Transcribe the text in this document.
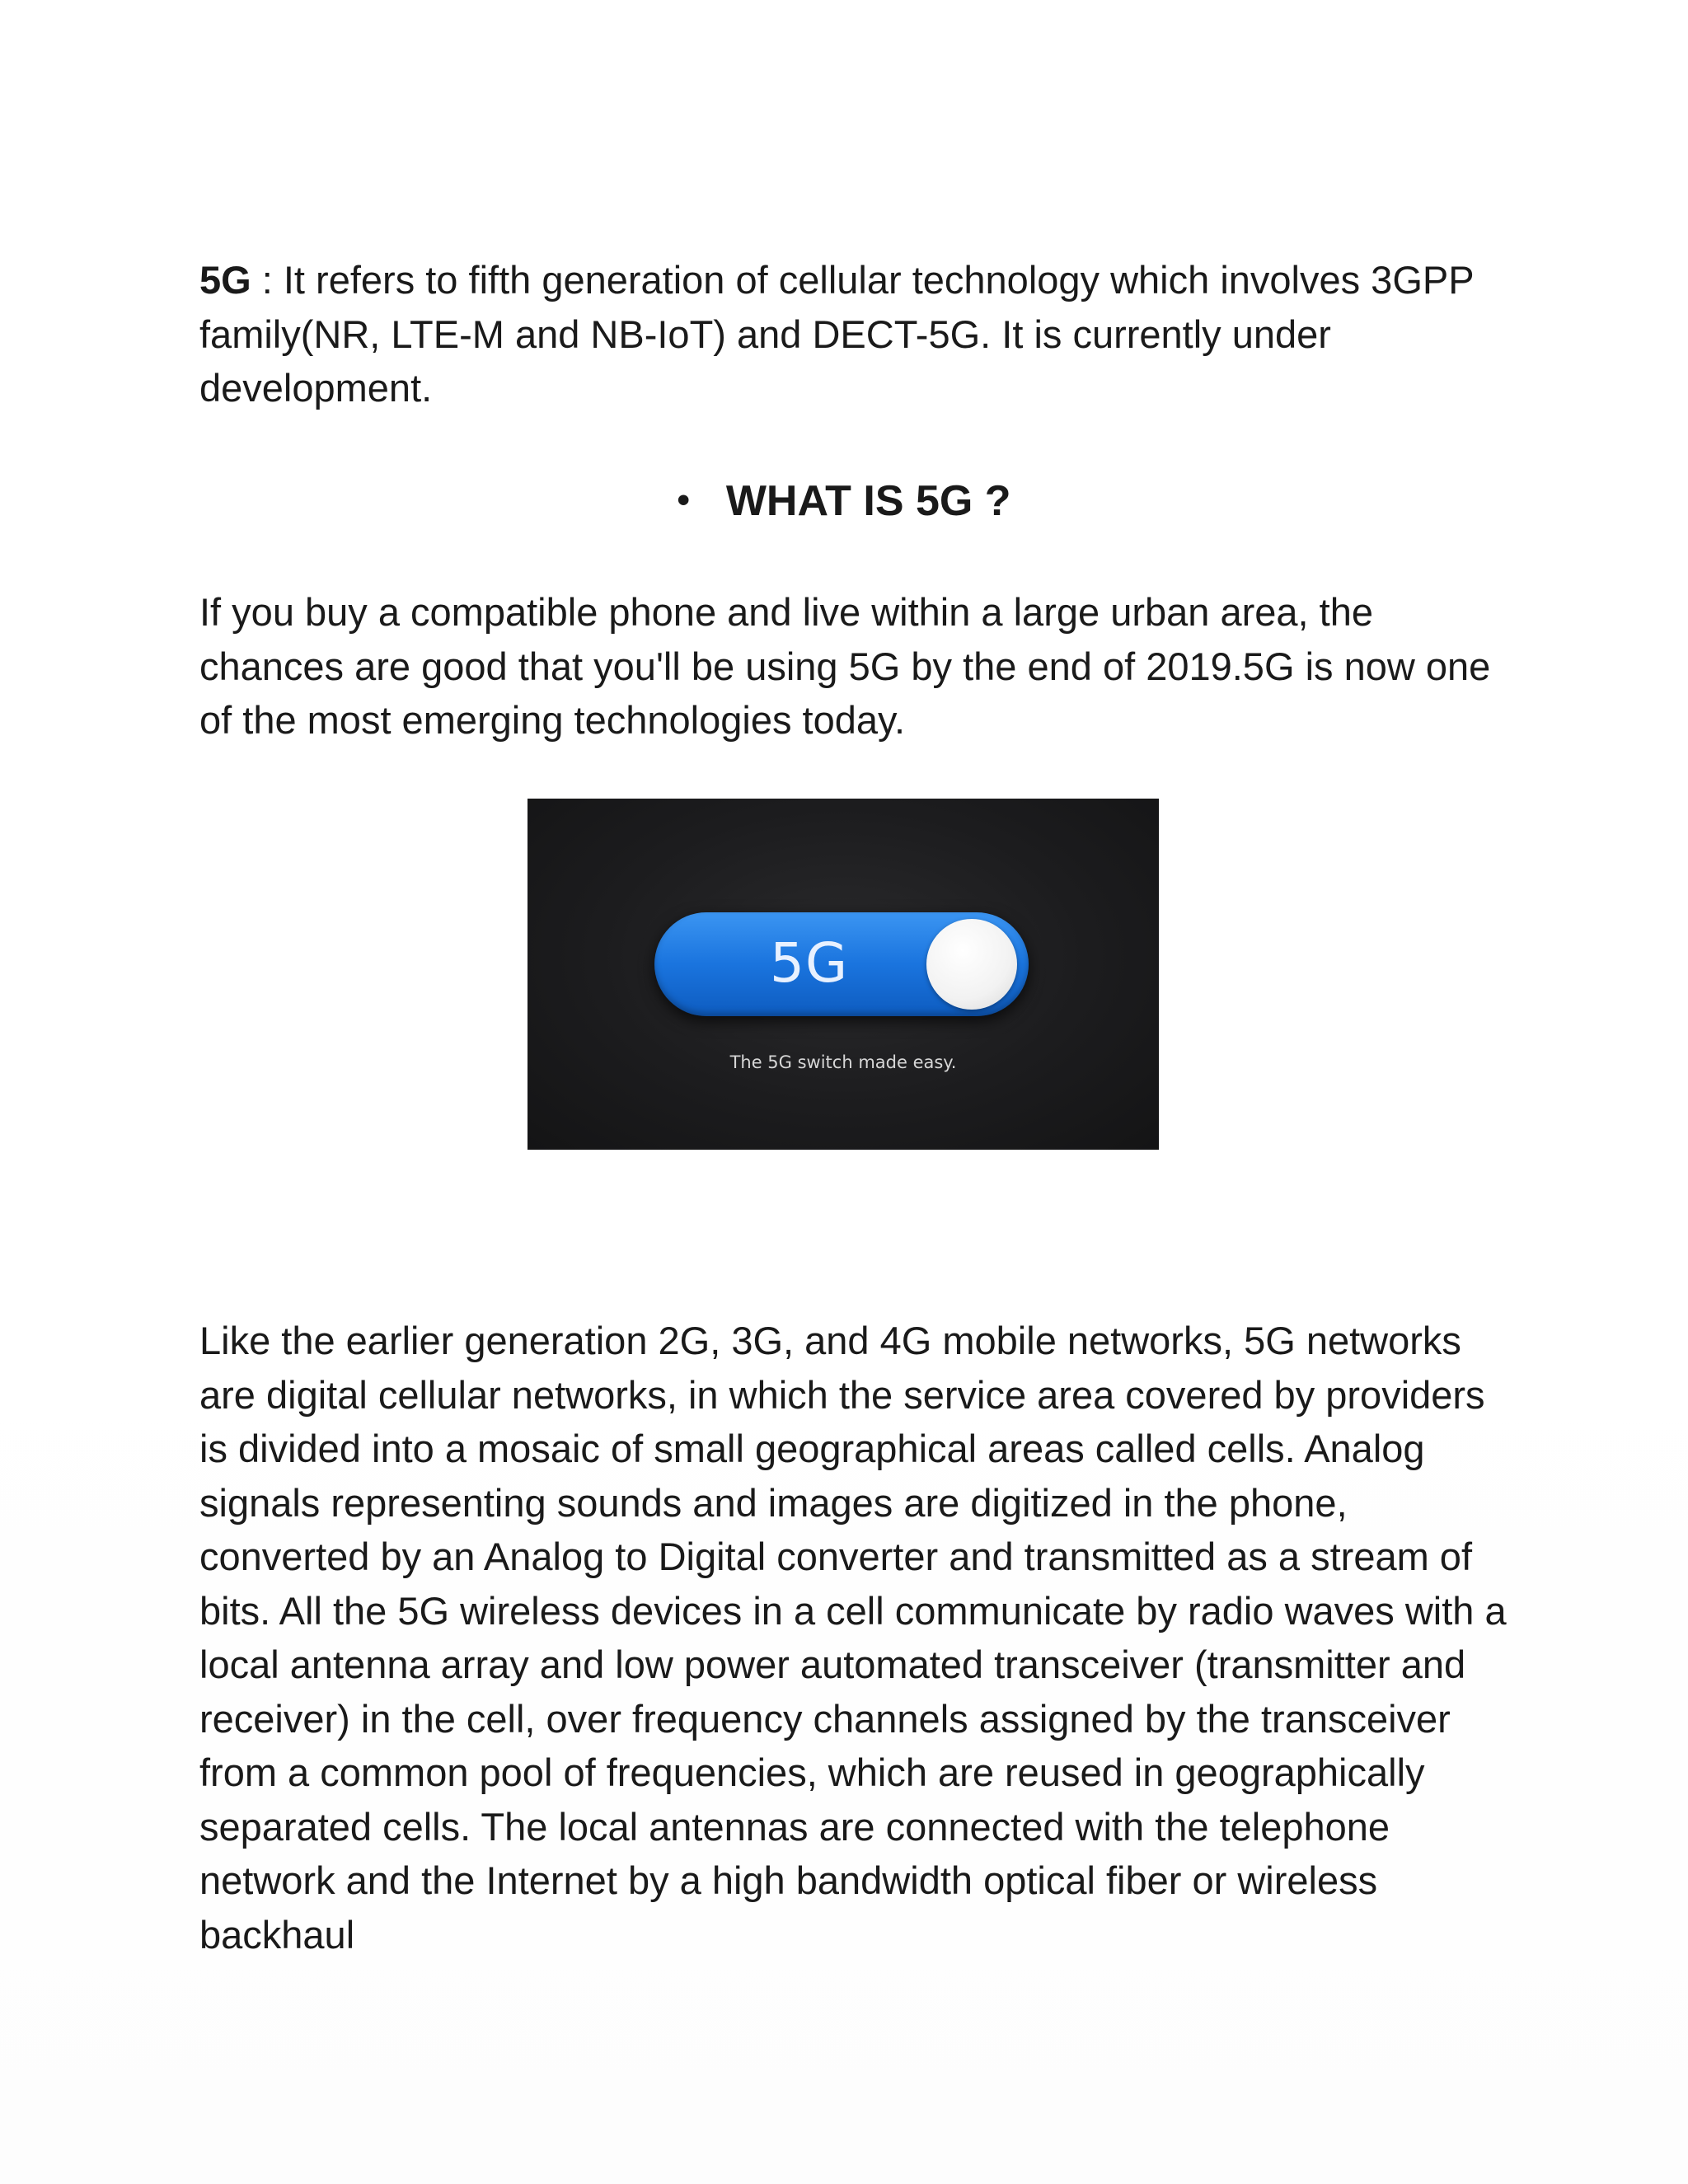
5G : It refers to fifth generation of cellular technology which involves 3GPP family(NR, LTE-M and NB-IoT) and DECT-5G. It is currently under development.

• WHAT IS 5G ?

If you buy a compatible phone and live within a large urban area, the chances are good that you'll be using 5G by the end of 2019.5G is now one of the most emerging technologies today.

5G
The 5G switch made easy.

Like the earlier generation 2G, 3G, and 4G mobile networks, 5G networks are digital cellular networks, in which the service area covered by providers is divided into a mosaic of small geographical areas called cells. Analog signals representing sounds and images are digitized in the phone, converted by an Analog to Digital converter and transmitted as a stream of bits. All the 5G wireless devices in a cell communicate by radio waves with a local antenna array and low power automated transceiver (transmitter and receiver) in the cell, over frequency channels assigned by the transceiver from a common pool of frequencies, which are reused in geographically separated cells. The local antennas are connected with the telephone network and the Internet by a high bandwidth optical fiber or wireless backhaul
